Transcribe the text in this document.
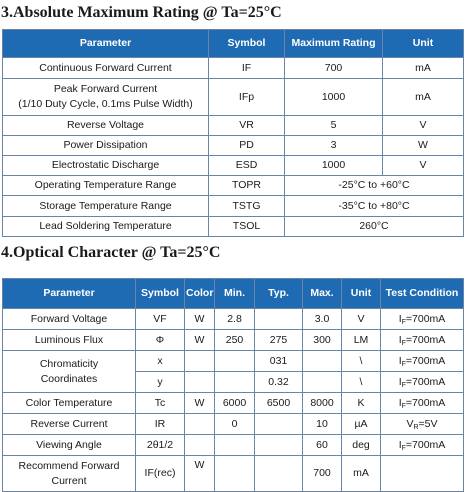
3.Absolute Maximum Rating @ Ta=25°C
Parameter	Symbol	Maximum Rating	Unit
Continuous Forward Current	IF	700	mA

Peak Forward Current
(1/10 Duty Cycle, 0.1ms Pulse Width)	IFp	1000	mA
Reverse Voltage	VR	5	V
Power Dissipation	PD	3	W
Electrostatic Discharge	ESD	1000	V
Operating Temperature Range	TOPR	-25°C to +60°C	
Storage Temperature Range	TSTG	-35°C to +80°C	
Lead Soldering Temperature	TSOL	260°C	
4.Optical Character @ Ta=25°C
Parameter	Symbol	Color	Min.	Typ.	Max.	Unit	Test Condition
Forward Voltage	VF	W	2.8		3.0	V	$I_F=700mA$
Luminous Flux	Φ	W	250	275	300	LM	$I_F=700mA$

Chromaticity
Coordinates	x			031		\	$I_F=700mA$
	y			0.32		\	$I_F=700mA$
Color Temperature	Tc	W	6000	6500	8000	K	$I_F=700mA$
Reverse Current	IR		0		10	µA	$V_R=5V$
Viewing Angle	2θ1/2				60	deg	$I_F=700mA$

Recommend Forward
Current	IF(rec)	W			700	mA	
